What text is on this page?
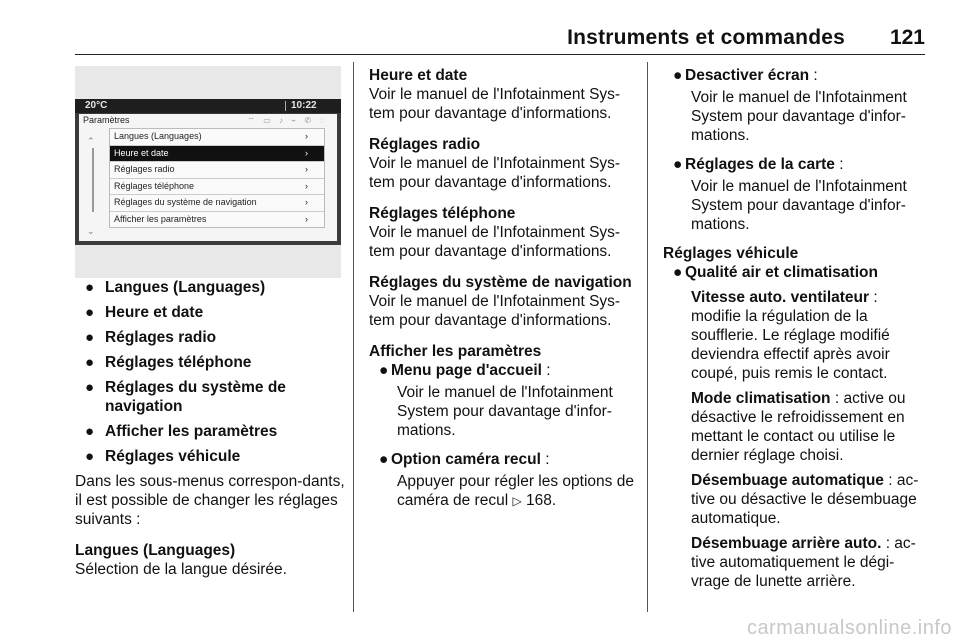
Instruments et commandes 121
20°C	10:22
Paramètres	⌔ ▭ ♪ ⌁ ✆ ◌
⌃
⌄
Langues (Languages)	›
Heure et date	›
Réglages radio	›
Réglages téléphone	›
Réglages du système de navigation	›
Afficher les paramètres	›
● Langues (Languages)
● Heure et date
● Réglages radio
● Réglages téléphone
● Réglages du système de navigation
● Afficher les paramètres
● Réglages véhicule

Dans les sous-menus correspon-dants, il est possible de changer les réglages suivants :

Langues (Languages)

Sélection de la langue désirée.

Heure et date

Voir le manuel de l'Infotainment Sys-tem pour davantage d'informations.

Réglages radio

Voir le manuel de l'Infotainment Sys-tem pour davantage d'informations.

Réglages téléphone

Voir le manuel de l'Infotainment Sys-tem pour davantage d'informations.

Réglages du système de navigation

Voir le manuel de l'Infotainment Sys-tem pour davantage d'informations.

Afficher les paramètres
● Menu page d'accueil :

Voir le manuel de l'Infotainment System pour davantage d'infor-mations.

● Option caméra recul :

Appuyer pour régler les options de caméra de recul ▷ 168.

● Desactiver écran :

Voir le manuel de l'Infotainment System pour davantage d'infor-mations.

● Réglages de la carte :

Voir le manuel de l'Infotainment System pour davantage d'infor-mations.

Réglages véhicule
● Qualité air et climatisation

Vitesse auto. ventilateur : modifie la régulation de la soufflerie. Le réglage modifié deviendra effectif après avoir coupé, puis remis le contact.

Mode climatisation : active ou désactive le refroidissement en mettant le contact ou utilise le dernier réglage choisi.

Désembuage automatique : ac-tive ou désactive le désembuage automatique.

Désembuage arrière auto. : ac-tive automatiquement le dégi-vrage de lunette arrière.

carmanualsonline.info
